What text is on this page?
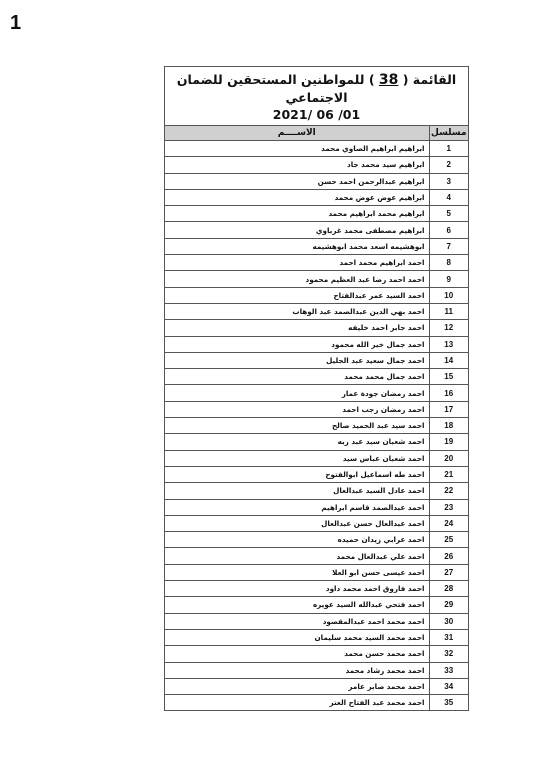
1
القائمة ( 38 ) للمواطنين المستحقين للضمان الاجتماعي
2021/ 06 /01
مسلسل	الاســــم
1	ابراهيم ابراهيم الصاوي محمد
2	ابراهيم سيد محمد جاد
3	ابراهيم عبدالرحمن احمد حسن
4	ابراهيم عوض عوض محمد
5	ابراهيم محمد ابراهيم محمد
6	ابراهيم مصطفى محمد غرباوي
7	ابوهشيمه اسعد محمد ابوهشيمه
8	احمد ابراهيم محمد احمد
9	احمد احمد رضا عبد العظيم محمود
10	احمد السيد عمر عبدالفتاح
11	احمد بهي الدين عبدالصمد عبد الوهاب
12	احمد جابر احمد خليفه
13	احمد جمال خير الله محمود
14	احمد جمال سعيد عبد الجليل
15	احمد جمال محمد محمد
16	احمد رمضان جودة عمار
17	احمد رمضان رجب احمد
18	احمد سيد عبد الحميد صالح
19	احمد شعبان سيد عبد ربه
20	احمد شعبان عباس سيد
21	احمد طه اسماعيل ابوالفتوح
22	احمد عادل السيد عبدالعال
23	احمد عبدالصمد قاسم ابراهيم
24	احمد عبدالعال حسن عبدالعال
25	احمد عرابي زيدان حميده
26	احمد علي عبدالعال محمد
27	احمد عيسى حسن ابو العلا
28	احمد فاروق احمد محمد داود
29	احمد فتحي عبدالله السيد عويره
30	احمد محمد احمد عبدالمقصود
31	احمد محمد السيد محمد سليمان
32	احمد محمد حسن محمد
33	احمد محمد رشاد محمد
34	احمد محمد صابر عامر
35	احمد محمد عبد الفتاح العتر
